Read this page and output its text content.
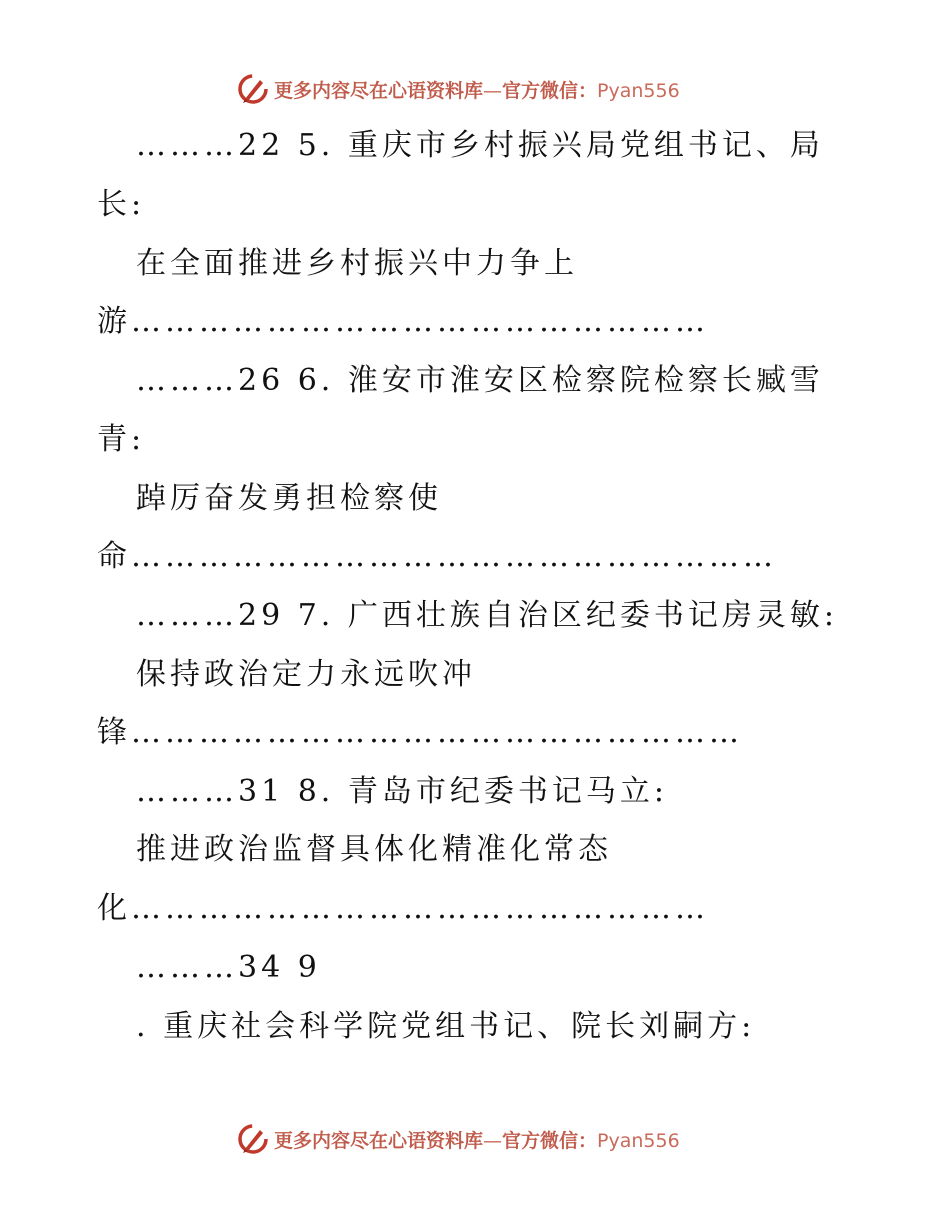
更多内容尽在心语资料库—官方微信：Pyan556

………22 5. 重庆市乡村振兴局党组书记、局

长:

在全面推进乡村振兴中力争上

游……………………………………………

………26 6. 淮安市淮安区检察院检察长臧雪

青:

踔厉奋发勇担检察使

命…………………………………………………

………29 7. 广西壮族自治区纪委书记房灵敏:

保持政治定力永远吹冲

锋………………………………………………

………31 8. 青岛市纪委书记马立:

推进政治监督具体化精准化常态

化……………………………………………

………34 9

. 重庆社会科学院党组书记、院长刘嗣方:

更多内容尽在心语资料库—官方微信：Pyan556
